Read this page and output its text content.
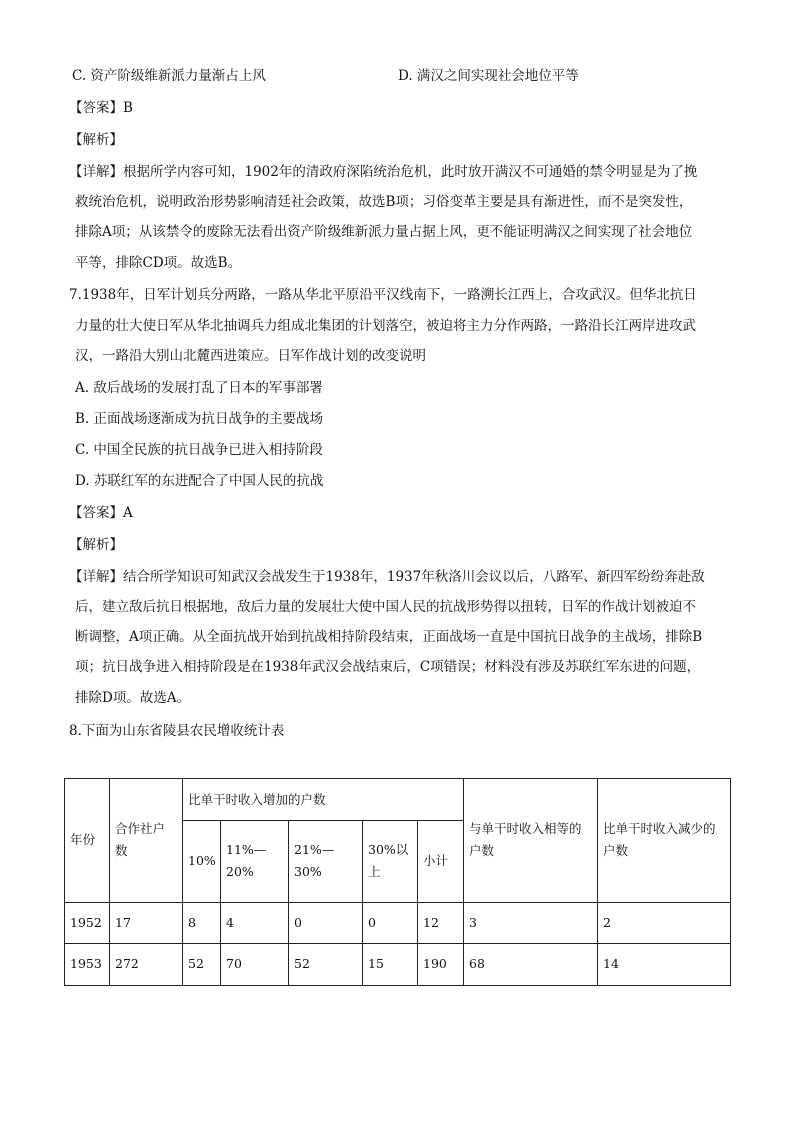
C. 资产阶级维新派力量渐占上风	D. 满汉之间实现社会地位平等
【答案】B
【解析】
【详解】根据所学内容可知，1902年的清政府深陷统治危机，此时放开满汉不可通婚的禁令明显是为了挽
救统治危机，说明政治形势影响清廷社会政策，故选B项；习俗变革主要是具有渐进性，而不是突发性，
排除A项；从该禁令的废除无法看出资产阶级维新派力量占据上风，更不能证明满汉之间实现了社会地位
平等，排除CD项。故选B。
7.1938年，日军计划兵分两路，一路从华北平原沿平汉线南下，一路溯长江西上，合攻武汉。但华北抗日
力量的壮大使日军从华北抽调兵力组成北集团的计划落空，被迫将主力分作两路，一路沿长江两岸进攻武
汉，一路沿大别山北麓西进策应。日军作战计划的改变说明
A. 敌后战场的发展打乱了日本的军事部署
B. 正面战场逐渐成为抗日战争的主要战场
C. 中国全民族的抗日战争已进入相持阶段
D. 苏联红军的东进配合了中国人民的抗战
【答案】A
【解析】
【详解】结合所学知识可知武汉会战发生于1938年，1937年秋洛川会议以后，八路军、新四军纷纷奔赴敌
后，建立敌后抗日根据地，敌后力量的发展壮大使中国人民的抗战形势得以扭转，日军的作战计划被迫不
断调整，A项正确。从全面抗战开始到抗战相持阶段结束，正面战场一直是中国抗日战争的主战场，排除B
项；抗日战争进入相持阶段是在1938年武汉会战结束后，C项错误；材料没有涉及苏联红军东进的问题，
排除D项。故选A。
8.下面为山东省陵县农民增收统计表
年份	合作社户数	比单干时收入增加的户数					与单干时收入相等的户数	比单干时收入减少的户数
		10%	11%—20%	21%—30%	30%以上	小计		
1952	17	8	4	0	0	12	3	2
1953	272	52	70	52	15	190	68	14
